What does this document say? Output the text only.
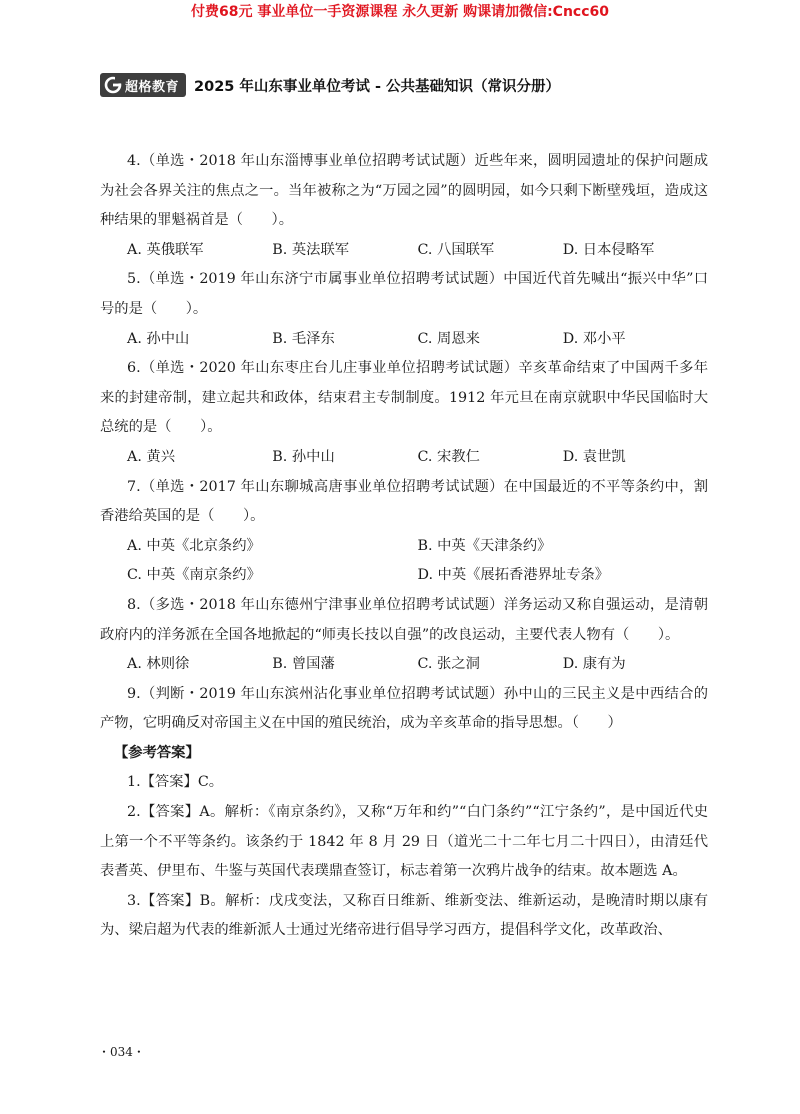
付费68元 事业单位一手资源课程 永久更新 购课请加微信:Cncc60
超格教育 2025 年山东事业单位考试 - 公共基础知识（常识分册）
4.（单选・2018 年山东淄博事业单位招聘考试试题）近些年来，圆明园遗址的保护问题成为社会各界关注的焦点之一。当年被称之为“万园之园”的圆明园，如今只剩下断壁残垣，造成这种结果的罪魁祸首是（　　）。
A. 英俄联军	B. 英法联军	C. 八国联军	D. 日本侵略军
5.（单选・2019 年山东济宁市属事业单位招聘考试试题）中国近代首先喊出“振兴中华”口号的是（　　）。
A. 孙中山	B. 毛泽东	C. 周恩来	D. 邓小平
6.（单选・2020 年山东枣庄台儿庄事业单位招聘考试试题）辛亥革命结束了中国两千多年来的封建帝制，建立起共和政体，结束君主专制制度。1912 年元旦在南京就职中华民国临时大总统的是（　　）。
A. 黄兴	B. 孙中山	C. 宋教仁	D. 袁世凯
7.（单选・2017 年山东聊城高唐事业单位招聘考试试题）在中国最近的不平等条约中，割香港给英国的是（　　）。
A. 中英《北京条约》	B. 中英《天津条约》
C. 中英《南京条约》	D. 中英《展拓香港界址专条》
8.（多选・2018 年山东德州宁津事业单位招聘考试试题）洋务运动又称自强运动，是清朝政府内的洋务派在全国各地掀起的“师夷长技以自强”的改良运动，主要代表人物有（　　）。
A. 林则徐	B. 曾国藩	C. 张之洞	D. 康有为
9.（判断・2019 年山东滨州沾化事业单位招聘考试试题）孙中山的三民主义是中西结合的产物，它明确反对帝国主义在中国的殖民统治，成为辛亥革命的指导思想。（　　）
【参考答案】
1.【答案】C。
2.【答案】A。解析：《南京条约》，又称“万年和约”“白门条约”“江宁条约”，是中国近代史上第一个不平等条约。该条约于 1842 年 8 月 29 日（道光二十二年七月二十四日），由清廷代表耆英、伊里布、牛鉴与英国代表璞鼎查签订，标志着第一次鸦片战争的结束。故本题选 A。
3.【答案】B。解析：戊戌变法，又称百日维新、维新变法、维新运动，是晚清时期以康有为、梁启超为代表的维新派人士通过光绪帝进行倡导学习西方，提倡科学文化，改革政治、
・034・
